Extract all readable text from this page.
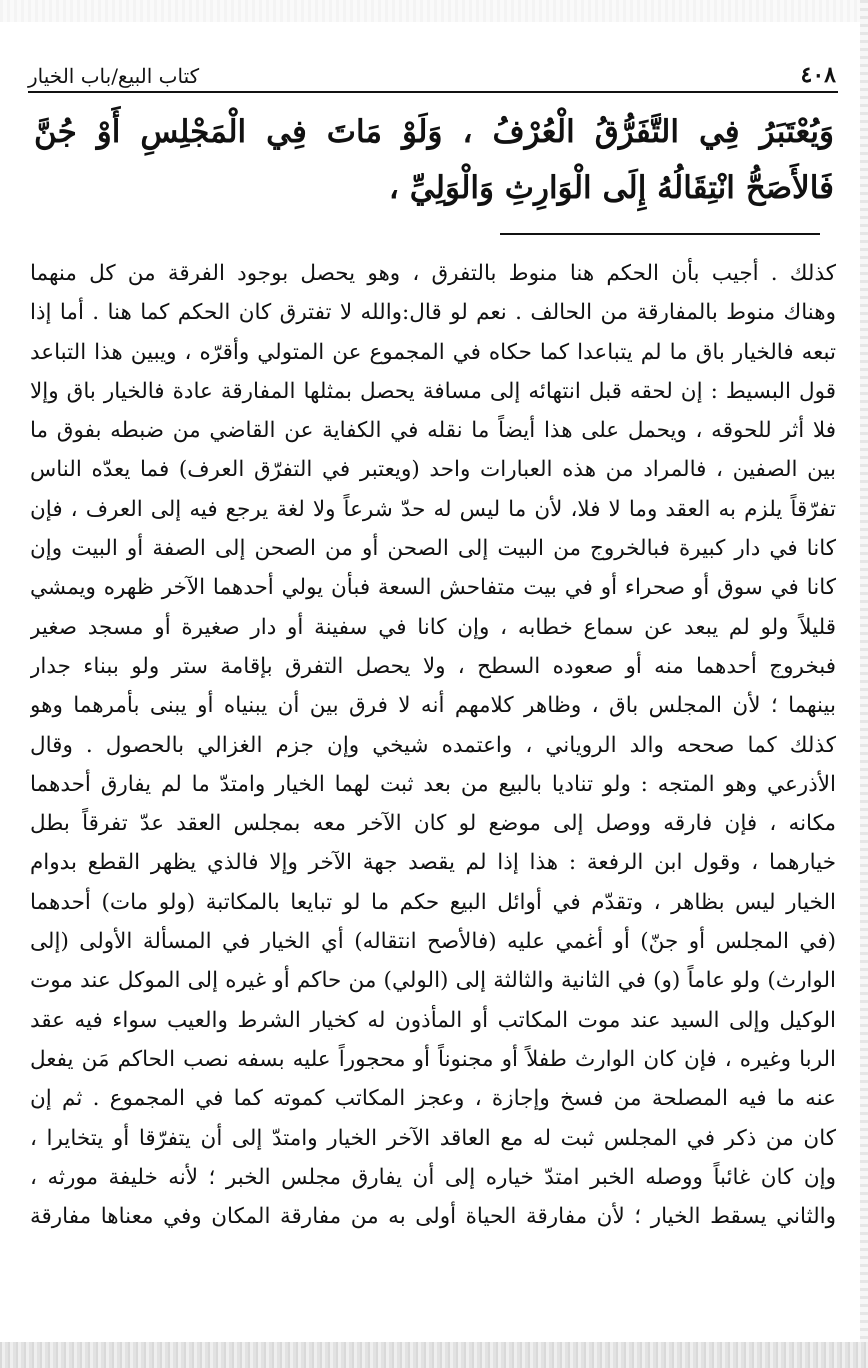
٤٠٨
كتاب البيع/باب الخيار
وَيُعْتَبَرُ فِي التَّفَرُّقُ الْعُرْفُ ، وَلَوْ مَاتَ فِي الْمَجْلِسِ أَوْ جُنَّ فَالأَصَحُّ انْتِقَالُهُ إِلَى الْوَارِثِ وَالْوَلِيِّ ،
كذلك . أجيب بأن الحكم هنا منوط بالتفرق ، وهو يحصل بوجود الفرقة من كل منهما
وهناك منوط بالمفارقة من الحالف . نعم لو قال:والله لا تفترق كان الحكم كما هنا . أما إذا
تبعه فالخيار باق ما لم يتباعدا كما حكاه في المجموع عن المتولي وأقرّه ، ويبين هذا التباعد
قول البسيط : إن لحقه قبل انتهائه إلى مسافة يحصل بمثلها المفارقة عادة فالخيار باق وإلا
فلا أثر للحوقه ، ويحمل على هذا أيضاً ما نقله في الكفاية عن القاضي من ضبطه بفوق ما
بين الصفين ، فالمراد من هذه العبارات واحد (ويعتبر في التفرّق العرف) فما يعدّه الناس
تفرّقاً يلزم به العقد وما لا فلا، لأن ما ليس له حدّ شرعاً ولا لغة يرجع فيه إلى العرف ، فإن
كانا في دار كبيرة فبالخروج من البيت إلى الصحن أو من الصحن إلى الصفة أو البيت وإن
كانا في سوق أو صحراء أو في بيت متفاحش السعة فبأن يولي أحدهما الآخر ظهره ويمشي
قليلاً ولو لم يبعد عن سماع خطابه ، وإن كانا في سفينة أو دار صغيرة أو مسجد صغير
فبخروج أحدهما منه أو صعوده السطح ، ولا يحصل التفرق بإقامة ستر ولو ببناء جدار
بينهما ؛ لأن المجلس باق ، وظاهر كلامهم أنه لا فرق بين أن يبنياه أو يبنى بأمرهما وهو
كذلك كما صححه والد الروياني ، واعتمده شيخي وإن جزم الغزالي بالحصول . وقال
الأذرعي وهو المتجه : ولو تناديا بالبيع من بعد ثبت لهما الخيار وامتدّ ما لم يفارق أحدهما
مكانه ، فإن فارقه ووصل إلى موضع لو كان الآخر معه بمجلس العقد عدّ تفرقاً بطل
خيارهما ، وقول ابن الرفعة : هذا إذا لم يقصد جهة الآخر وإلا فالذي يظهر القطع بدوام
الخيار ليس بظاهر ، وتقدّم في أوائل البيع حكم ما لو تبايعا بالمكاتبة (ولو مات) أحدهما
(في المجلس أو جنّ) أو أغمي عليه (فالأصح انتقاله) أي الخيار في المسألة الأولى (إلى
الوارث) ولو عاماً (و) في الثانية والثالثة إلى (الولي) من حاكم أو غيره إلى الموكل عند موت
الوكيل وإلى السيد عند موت المكاتب أو المأذون له كخيار الشرط والعيب سواء فيه عقد
الربا وغيره ، فإن كان الوارث طفلاً أو مجنوناً أو محجوراً عليه بسفه نصب الحاكم مَن يفعل
عنه ما فيه المصلحة من فسخ وإجازة ، وعجز المكاتب كموته كما في المجموع . ثم إن
كان من ذكر في المجلس ثبت له مع العاقد الآخر الخيار وامتدّ إلى أن يتفرّقا أو يتخايرا ،
وإن كان غائباً ووصله الخبر امتدّ خياره إلى أن يفارق مجلس الخبر ؛ لأنه خليفة مورثه ،
والثاني يسقط الخيار ؛ لأن مفارقة الحياة أولى به من مفارقة المكان وفي معناها مفارقة
